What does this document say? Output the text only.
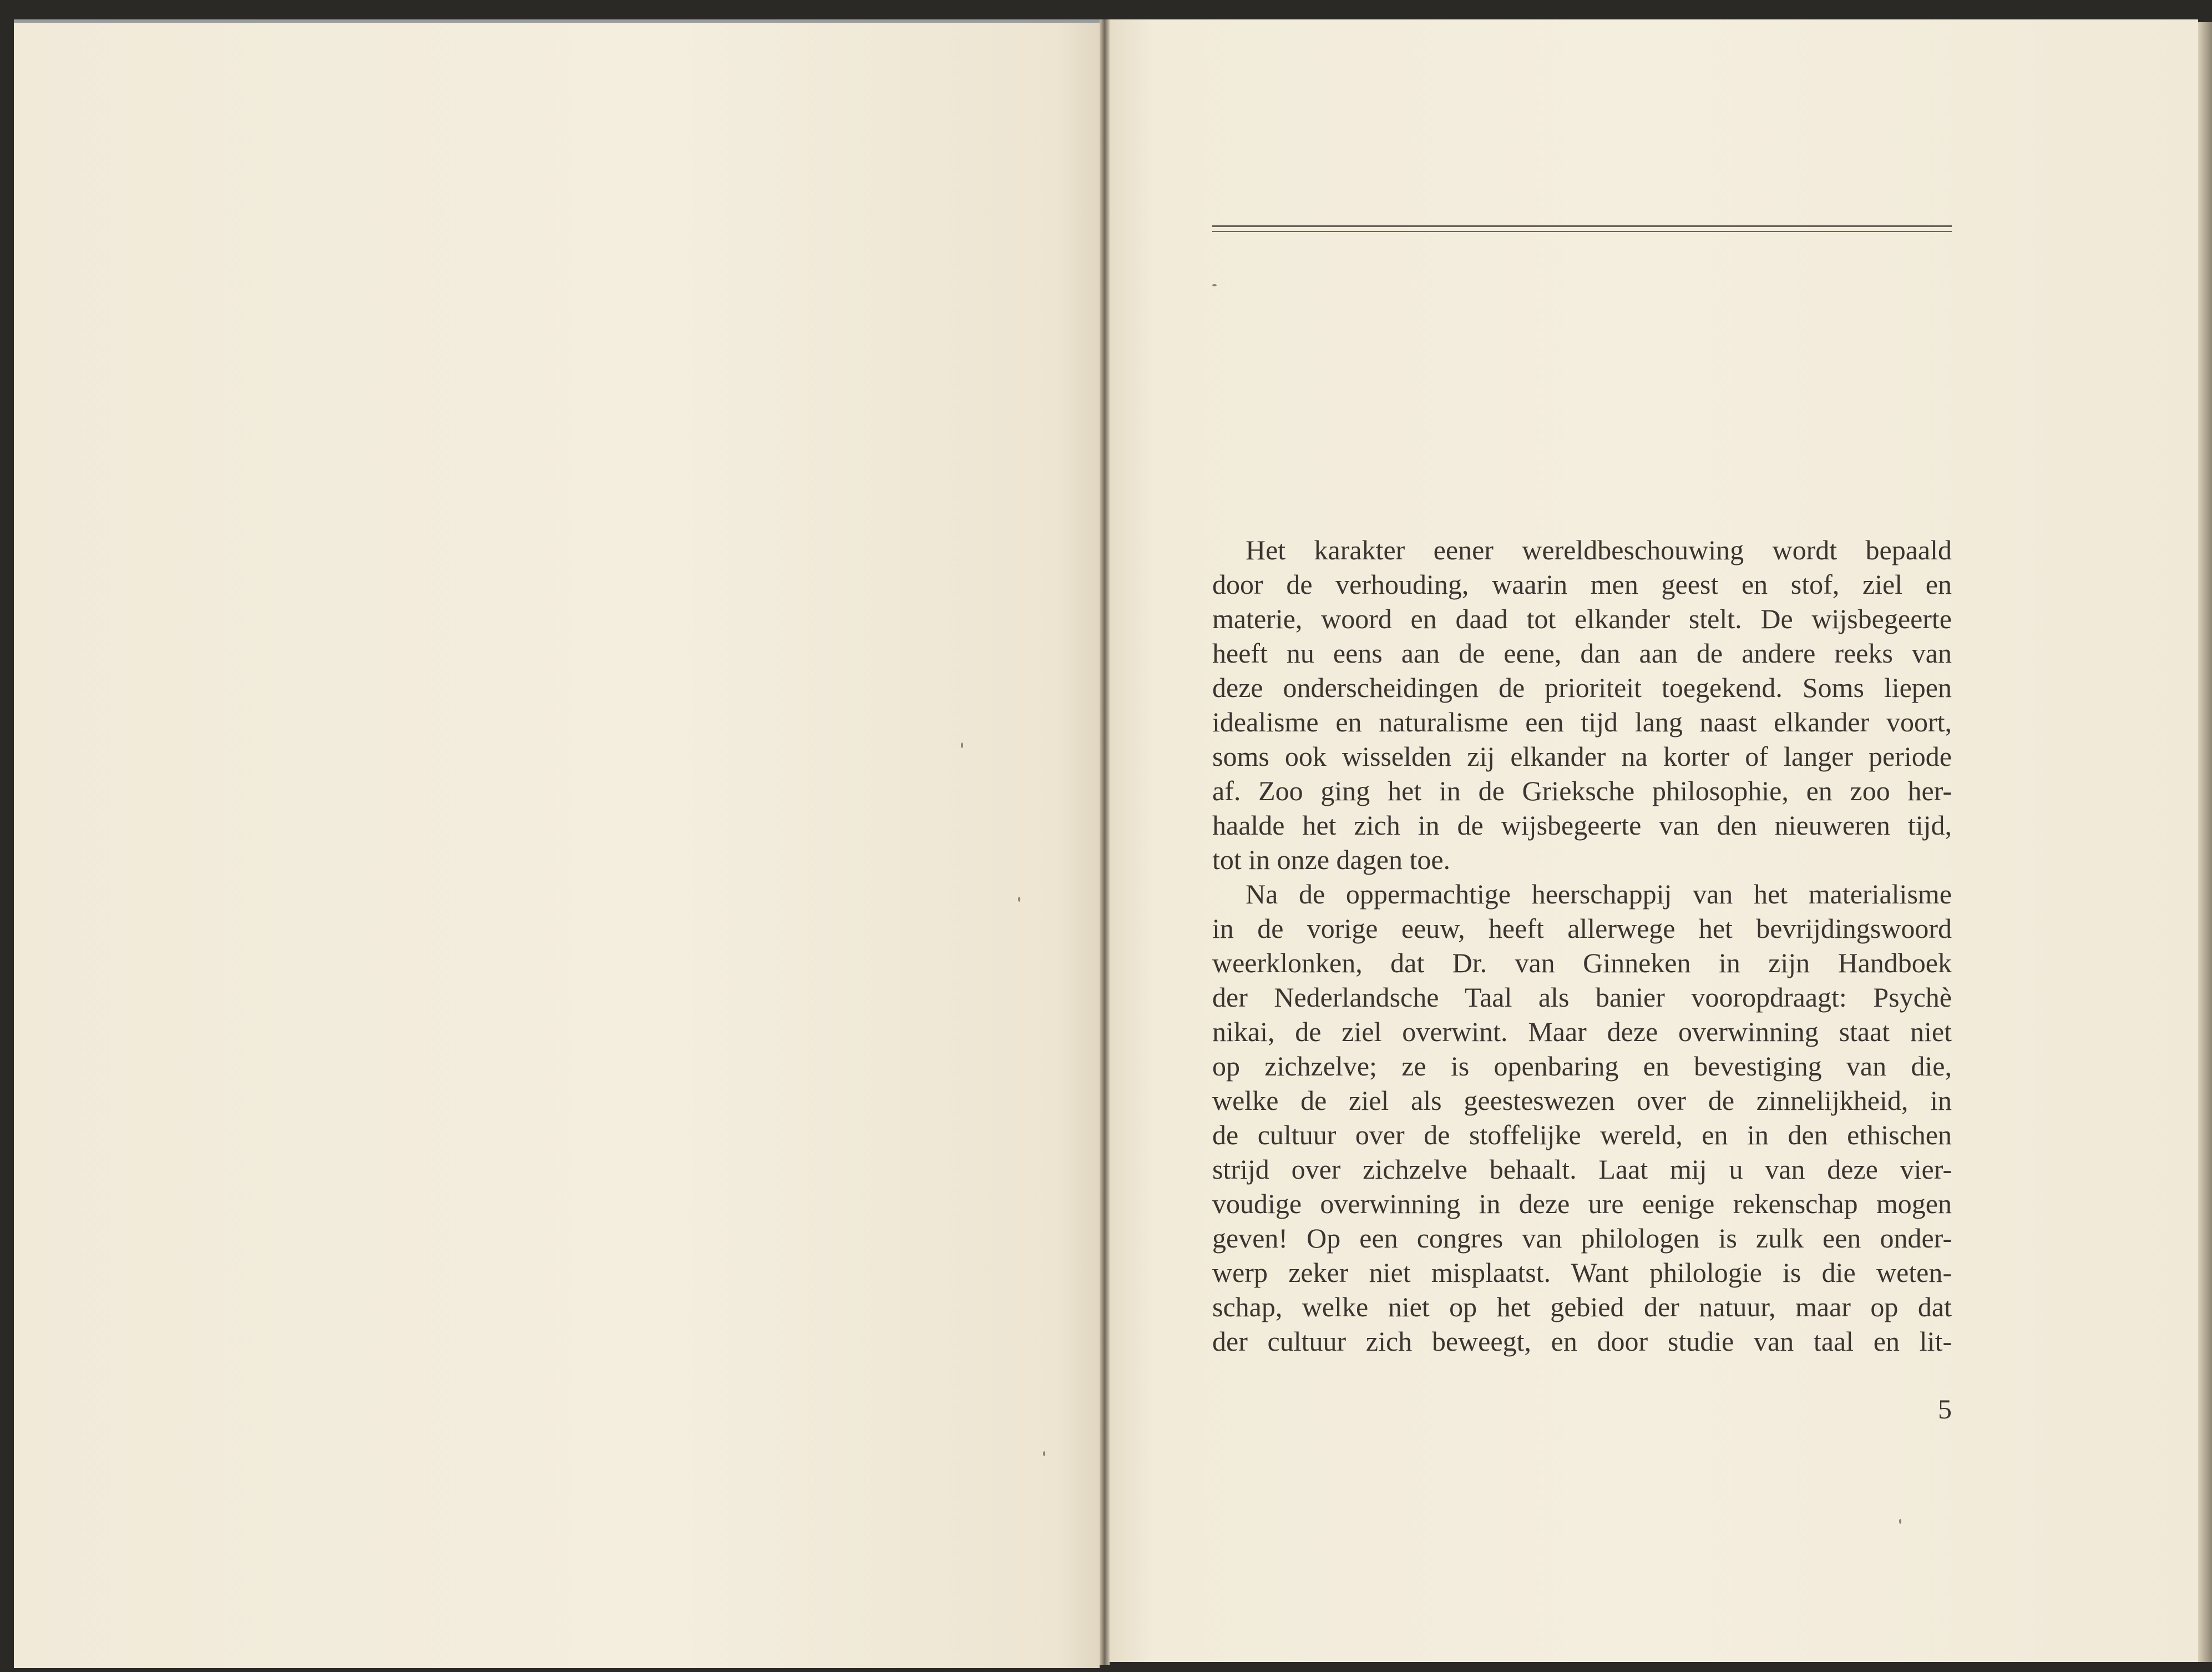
Het karakter eener wereldbeschouwing wordt bepaald
door de verhouding, waarin men geest en stof, ziel en
materie, woord en daad tot elkander stelt. De wijsbegeerte
heeft nu eens aan de eene, dan aan de andere reeks van
deze onderscheidingen de prioriteit toegekend. Soms liepen
idealisme en naturalisme een tijd lang naast elkander voort,
soms ook wisselden zij elkander na korter of langer periode
af. Zoo ging het in de Grieksche philosophie, en zoo her-
haalde het zich in de wijsbegeerte van den nieuweren tijd,
tot in onze dagen toe.
Na de oppermachtige heerschappij van het materialisme
in de vorige eeuw, heeft allerwege het bevrijdingswoord
weerklonken, dat Dr. van Ginneken in zijn Handboek
der Nederlandsche Taal als banier vooropdraagt: Psychè
nikai, de ziel overwint. Maar deze overwinning staat niet
op zichzelve; ze is openbaring en bevestiging van die,
welke de ziel als geesteswezen over de zinnelijkheid, in
de cultuur over de stoffelijke wereld, en in den ethischen
strijd over zichzelve behaalt. Laat mij u van deze vier-
voudige overwinning in deze ure eenige rekenschap mogen
geven! Op een congres van philologen is zulk een onder-
werp zeker niet misplaatst. Want philologie is die weten-
schap, welke niet op het gebied der natuur, maar op dat
der cultuur zich beweegt, en door studie van taal en lit-
5
